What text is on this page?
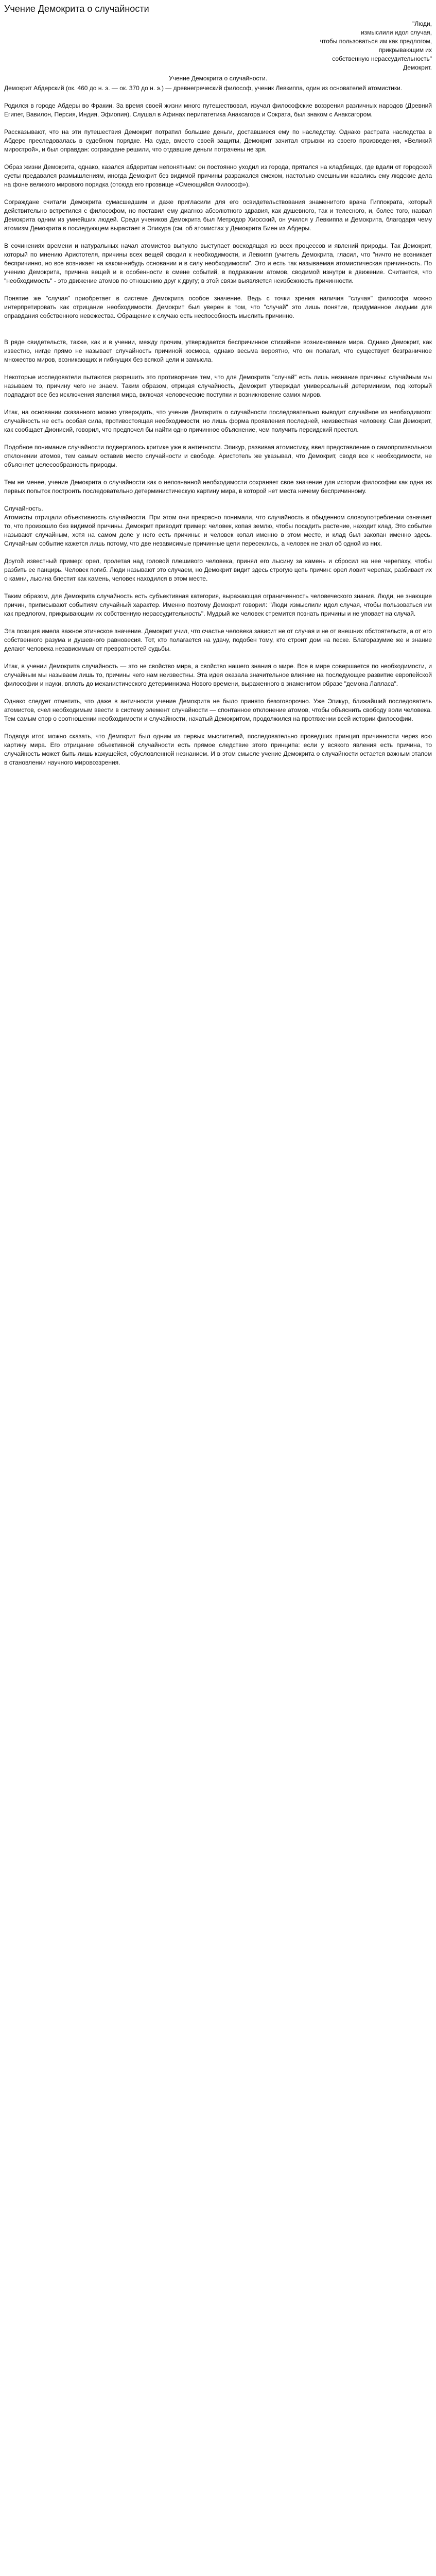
Учение Демокрита о случайности

"Люди,

измыслили идол случая,

чтобы пользоваться им как предлогом,

прикрывающим их

собственную нерассудительность"

Демокрит.

Учение Демокрита о случайности.

Демокрит Абдерский (ок. 460 до н. э. — ок. 370 до н. э.) — древнегреческий философ, ученик Левкиппа, один из основателей атомистики.

Родился в городе Абдеры во Фракии. За время своей жизни много путешествовал, изучал философские воззрения различных народов (Древний Египет, Вавилон, Персия, Индия, Эфиопия). Слушал в Афинах перипатетика Анаксагора и Сократа, был знаком с Анаксагором.

Рассказывают, что на эти путешествия Демокрит потратил большие деньги, доставшиеся ему по наследству. Однако растрата наследства в Абдере преследовалась в судебном порядке. На суде, вместо своей защиты, Демокрит зачитал отрывки из своего произведения, «Великий мирострой», и был оправдан: сограждане решили, что отдавшие деньги потрачены не зря.

Образ жизни Демокрита, однако, казался абдеритам непонятным: он постоянно уходил из города, прятался на кладбищах, где вдали от городской суеты предавался размышлениям, иногда Демокрит без видимой причины разражался смехом, настолько смешными казались ему людские дела на фоне великого мирового порядка (отсюда его прозвище «Смеющийся Философ»).

Сограждане считали Демокрита сумасшедшим и даже пригласили для его освидетельствования знаменитого врача Гиппократа, который действительно встретился с философом, но поставил ему диагноз абсолютного здравия, как душевного, так и телесного, и, более того, назвал Демокрита одним из умнейших людей. Среди учеников Демокрита был Метродор Хиосский, он учился у Левкиппа и Демокрита, благодаря чему атомизм Демокрита в последующем вырастает в Эпикура (см. об атомистах у Демокрита Биен из Абдеры.

В сочинениях времени и натуральных начал атомистов выпукло выступает восходящая из всех процессов и явлений природы. Так Демокрит, который по мнению Аристотеля, причины всех вещей сводил к необходимости, и Левкипп (учитель Демокрита, гласил, что "ничто не возникает беспричинно, но все возникает на каком-нибудь основании и в силу необходимости". Это и есть так называемая атомистическая причинность. По учению Демокрита, причина вещей и в особенности в смене событий, в подражании атомов, сводимой изнутри в движение. Считается, что "необходимость" - это движение атомов по отношению друг к другу; в этой связи выявляется неизбежность причинности.

Понятие же "случая" приобретает в системе Демокрита особое значение. Ведь с точки зрения наличия "случая" философа можно интерпретировать как отрицание необходимости. Демокрит был уверен в том, что "случай" это лишь понятие, придуманное людьми для оправдания собственного невежества. Обращение к случаю есть неспособность мыслить причинно.

В ряде свидетельств, также, как и в учении, между прочим, утверждается беспричинное стихийное возникновение мира. Однако Демокрит, как известно, нигде прямо не называет случайность причиной космоса, однако весьма вероятно, что он полагал, что существует безграничное множество миров, возникающих и гибнущих без всякой цели и замысла.

Некоторые исследователи пытаются разрешить это противоречие тем, что для Демокрита "случай" есть лишь незнание причины: случайным мы называем то, причину чего не знаем. Таким образом, отрицая случайность, Демокрит утверждал универсальный детерминизм, под который подпадают все без исключения явления мира, включая человеческие поступки и возникновение самих миров.

Итак, на основании сказанного можно утверждать, что учение Демокрита о случайности последовательно выводит случайное из необходимого: случайность не есть особая сила, противостоящая необходимости, но лишь форма проявления последней, неизвестная человеку. Сам Демокрит, как сообщает Дионисий, говорил, что предпочел бы найти одно причинное объяснение, чем получить персидский престол.

Подобное понимание случайности подвергалось критике уже в античности. Эпикур, развивая атомистику, ввел представление о самопроизвольном отклонении атомов, тем самым оставив место случайности и свободе. Аристотель же указывал, что Демокрит, сводя все к необходимости, не объясняет целесообразность природы.

Тем не менее, учение Демокрита о случайности как о непознанной необходимости сохраняет свое значение для истории философии как одна из первых попыток построить последовательно детерминистическую картину мира, в которой нет места ничему беспричинному.

Случайность.

Атомисты отрицали объективность случайности. При этом они прекрасно понимали, что случайность в обыденном словоупотреблении означает то, что произошло без видимой причины. Демокрит приводит пример: человек, копая землю, чтобы посадить растение, находит клад. Это событие называют случайным, хотя на самом деле у него есть причины: и человек копал именно в этом месте, и клад был закопан именно здесь. Случайным событие кажется лишь потому, что две независимые причинные цепи пересеклись, а человек не знал об одной из них.

Другой известный пример: орел, пролетая над головой плешивого человека, принял его лысину за камень и сбросил на нее черепаху, чтобы разбить ее панцирь. Человек погиб. Люди называют это случаем, но Демокрит видит здесь строгую цепь причин: орел ловит черепах, разбивает их о камни, лысина блестит как камень, человек находился в этом месте.

Таким образом, для Демокрита случайность есть субъективная категория, выражающая ограниченность человеческого знания. Люди, не знающие причин, приписывают событиям случайный характер. Именно поэтому Демокрит говорил: "Люди измыслили идол случая, чтобы пользоваться им как предлогом, прикрывающим их собственную нерассудительность". Мудрый же человек стремится познать причины и не уповает на случай.

Эта позиция имела важное этическое значение. Демокрит учил, что счастье человека зависит не от случая и не от внешних обстоятельств, а от его собственного разума и душевного равновесия. Тот, кто полагается на удачу, подобен тому, кто строит дом на песке. Благоразумие же и знание делают человека независимым от превратностей судьбы.

Итак, в учении Демокрита случайность — это не свойство мира, а свойство нашего знания о мире. Все в мире совершается по необходимости, и случайным мы называем лишь то, причины чего нам неизвестны. Эта идея оказала значительное влияние на последующее развитие европейской философии и науки, вплоть до механистического детерминизма Нового времени, выраженного в знаменитом образе "демона Лапласа".

Однако следует отметить, что даже в античности учение Демокрита не было принято безоговорочно. Уже Эпикур, ближайший последователь атомистов, счел необходимым ввести в систему элемент случайности — спонтанное отклонение атомов, чтобы объяснить свободу воли человека. Тем самым спор о соотношении необходимости и случайности, начатый Демокритом, продолжился на протяжении всей истории философии.

Подводя итог, можно сказать, что Демокрит был одним из первых мыслителей, последовательно проведших принцип причинности через всю картину мира. Его отрицание объективной случайности есть прямое следствие этого принципа: если у всякого явления есть причина, то случайность может быть лишь кажущейся, обусловленной незнанием. И в этом смысле учение Демокрита о случайности остается важным этапом в становлении научного мировоззрения.
